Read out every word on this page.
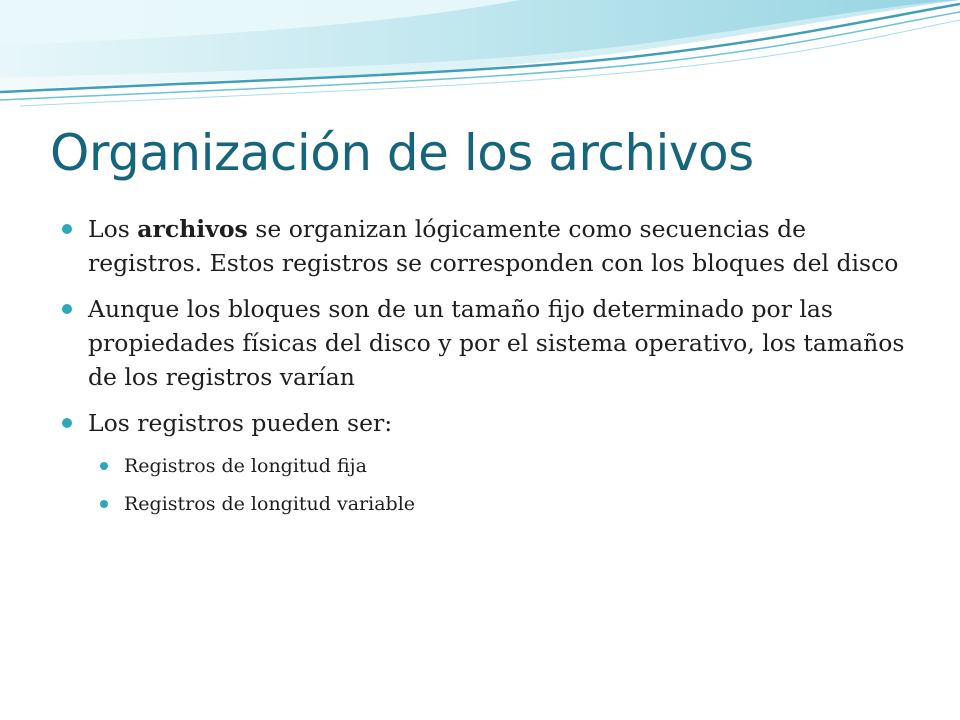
Organización de los archivos
Los archivos se organizan lógicamente como secuencias de registros. Estos registros se corresponden con los bloques del disco
Aunque los bloques son de un tamaño fijo determinado por las propiedades físicas del disco y por el sistema operativo, los tamaños de los registros varían
Los registros pueden ser:
Registros de longitud fija
Registros de longitud variable
